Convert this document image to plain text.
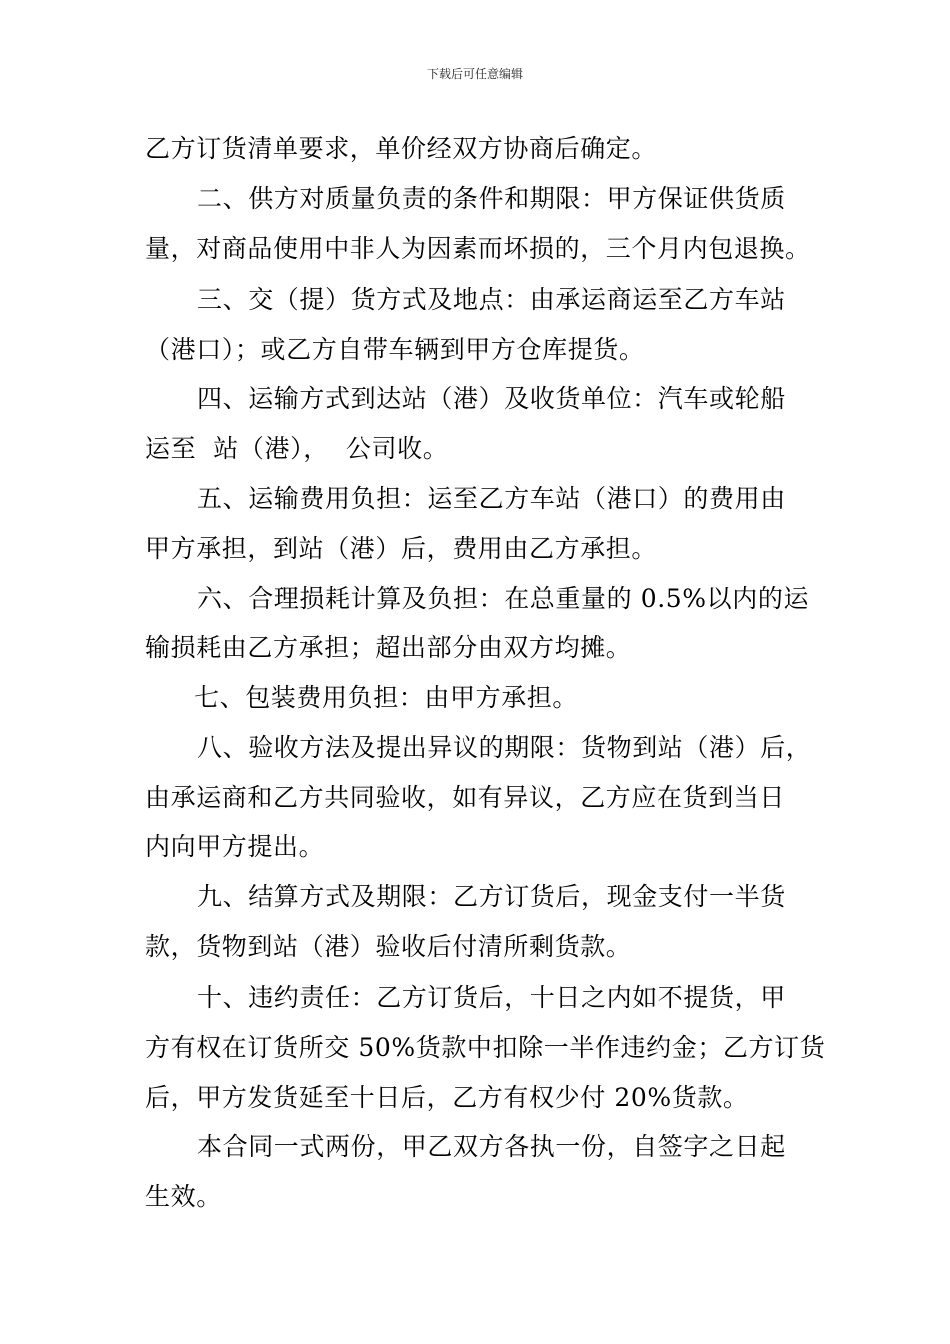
下载后可任意编辑
乙方订货清单要求，单价经双方协商后确定。
二、供方对质量负责的条件和期限：甲方保证供货质
量，对商品使用中非人为因素而坏损的，三个月内包退换。
三、交（提）货方式及地点：由承运商运至乙方车站
（港口）；或乙方自带车辆到甲方仓库提货。
四、运输方式到达站（港）及收货单位：汽车或轮船
运至  站（港），  公司收。
五、运输费用负担：运至乙方车站（港口）的费用由
甲方承担，到站（港）后，费用由乙方承担。
六、合理损耗计算及负担：在总重量的 0.5%以内的运
输损耗由乙方承担；超出部分由双方均摊。
七、包装费用负担：由甲方承担。
八、验收方法及提出异议的期限：货物到站（港）后，
由承运商和乙方共同验收，如有异议，乙方应在货到当日
内向甲方提出。
九、结算方式及期限：乙方订货后，现金支付一半货
款，货物到站（港）验收后付清所剩货款。
十、违约责任：乙方订货后，十日之内如不提货，甲
方有权在订货所交 50%货款中扣除一半作违约金；乙方订货
后，甲方发货延至十日后，乙方有权少付 20%货款。
本合同一式两份，甲乙双方各执一份，自签字之日起
生效。
